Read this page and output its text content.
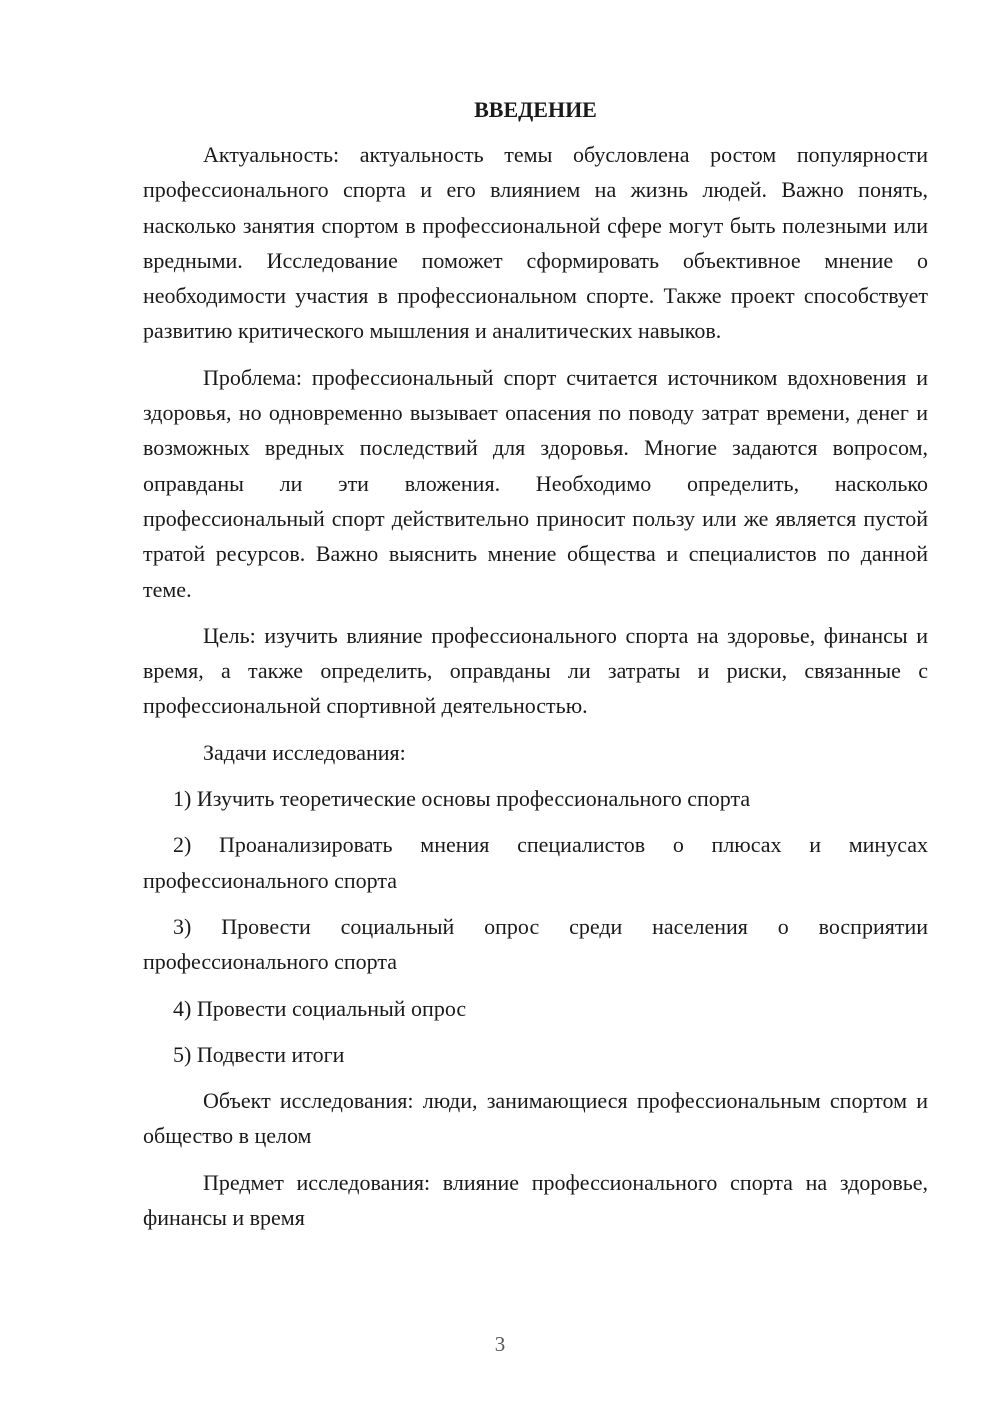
ВВЕДЕНИЕ

Актуальность: актуальность темы обусловлена ростом популярности профессионального спорта и его влиянием на жизнь людей. Важно понять, насколько занятия спортом в профессиональной сфере могут быть полезными или вредными. Исследование поможет сформировать объективное мнение о необходимости участия в профессиональном спорте. Также проект способствует развитию критического мышления и аналитических навыков.

Проблема: профессиональный спорт считается источником вдохновения и здоровья, но одновременно вызывает опасения по поводу затрат времени, денег и возможных вредных последствий для здоровья. Многие задаются вопросом, оправданы ли эти вложения. Необходимо определить, насколько профессиональный спорт действительно приносит пользу или же является пустой тратой ресурсов. Важно выяснить мнение общества и специалистов по данной теме.

Цель: изучить влияние профессионального спорта на здоровье, финансы и время, а также определить, оправданы ли затраты и риски, связанные с профессиональной спортивной деятельностью.

Задачи исследования:

1) Изучить теоретические основы профессионального спорта

2) Проанализировать мнения специалистов о плюсах и минусах профессионального спорта

3) Провести социальный опрос среди населения о восприятии профессионального спорта

4) Провести социальный опрос

5) Подвести итоги

Объект исследования: люди, занимающиеся профессиональным спортом и общество в целом

Предмет исследования: влияние профессионального спорта на здоровье, финансы и время

3
